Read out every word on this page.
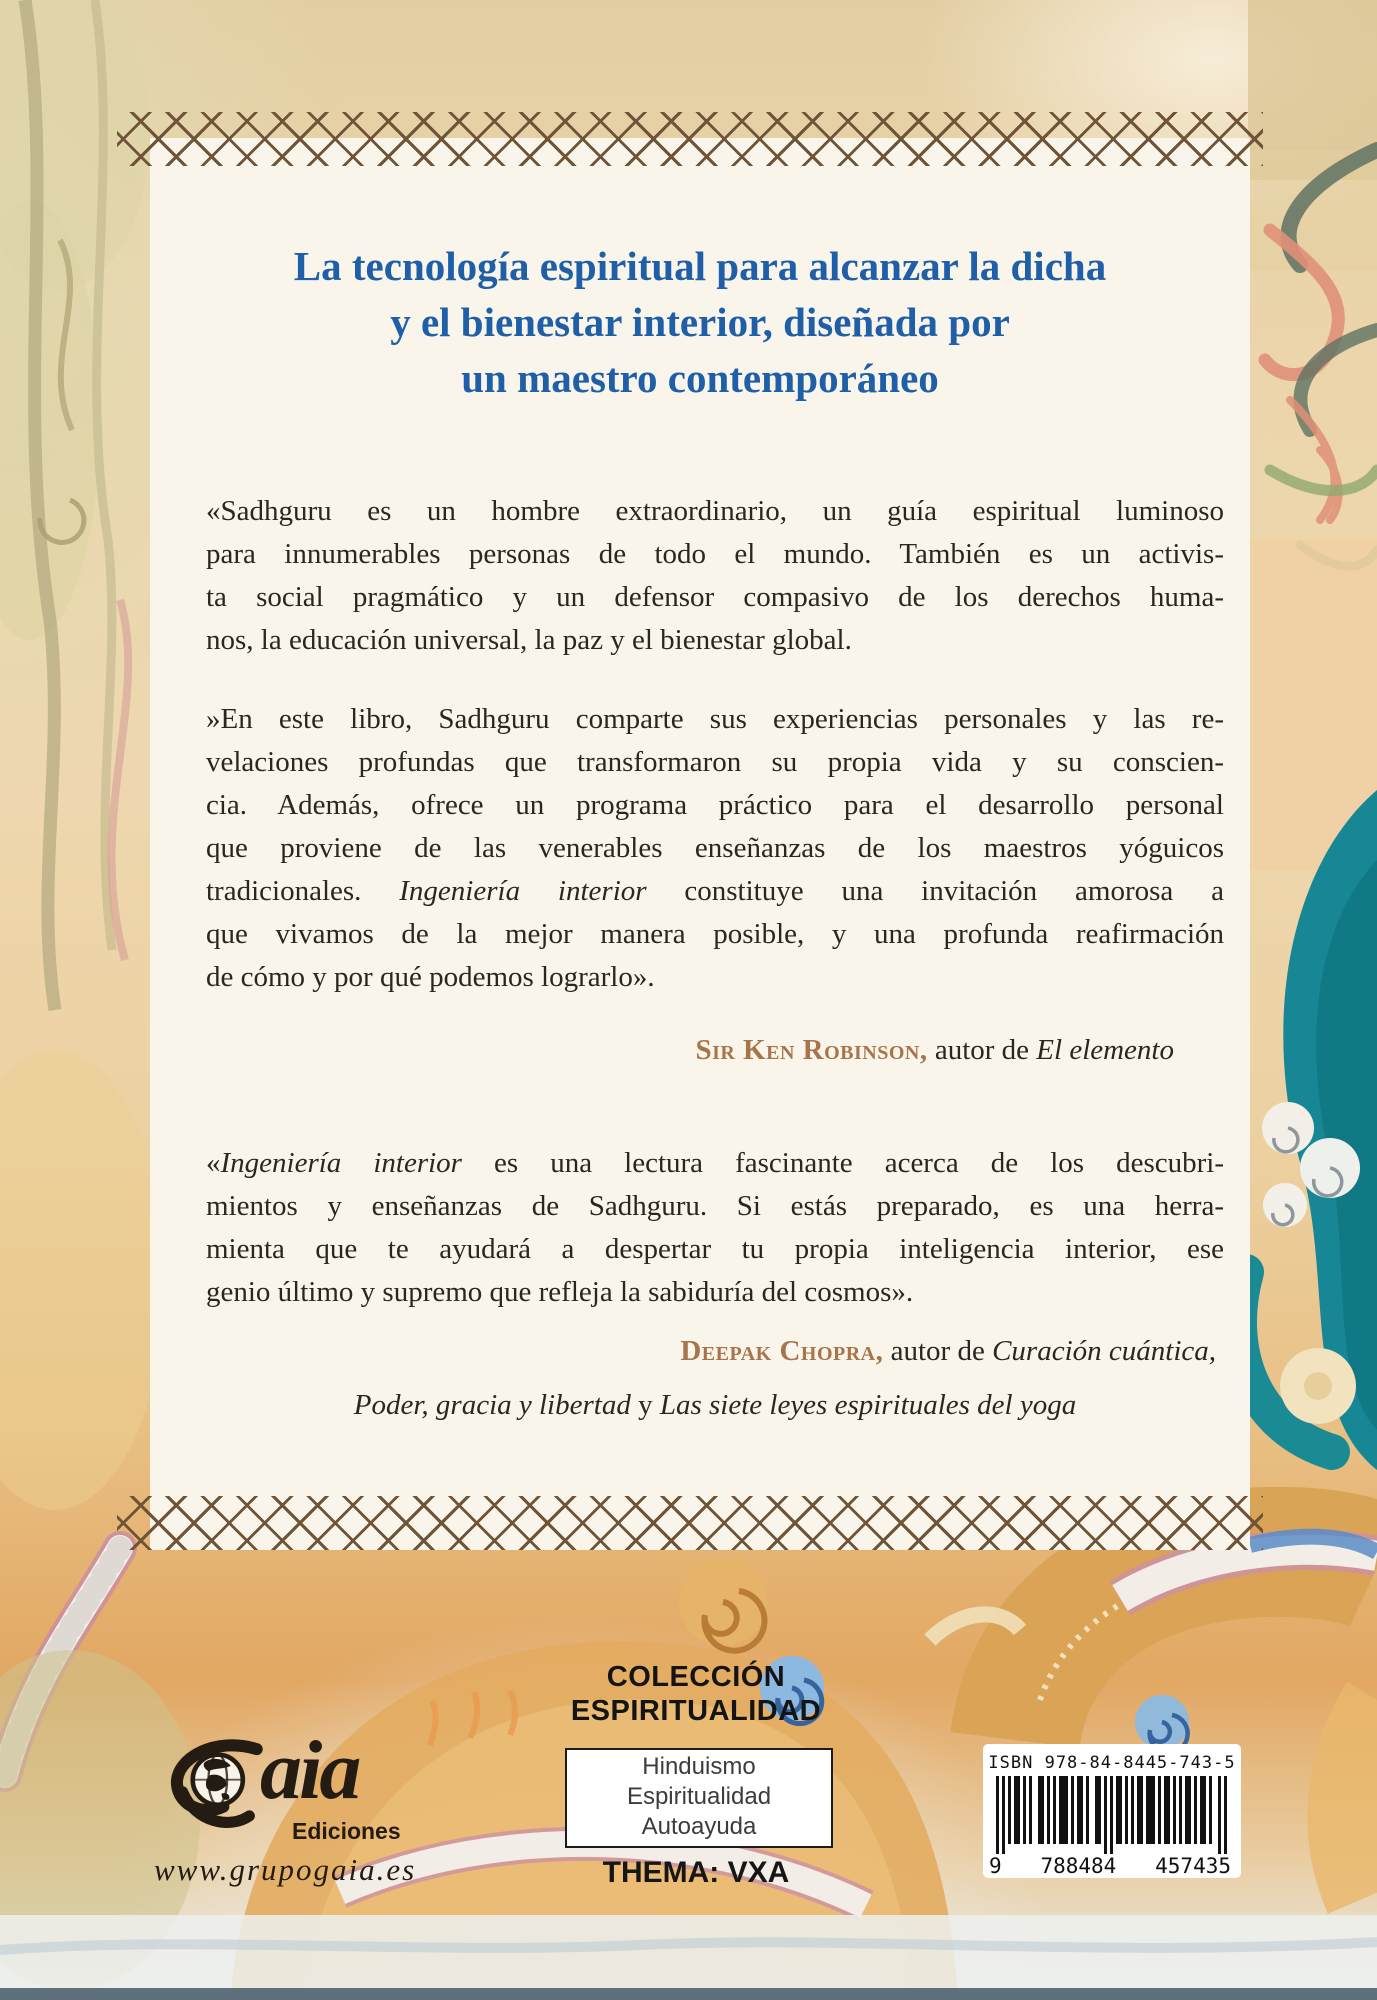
La tecnología espiritual para alcanzar la dicha
y el bienestar interior, diseñada por
un maestro contemporáneo
«Sadhguru es un hombre extraordinario, un guía espiritual luminoso
para innumerables personas de todo el mundo. También es un activis-
ta social pragmático y un defensor compasivo de los derechos huma-
nos, la educación universal, la paz y el bienestar global.
»En este libro, Sadhguru comparte sus experiencias personales y las re-
velaciones profundas que transformaron su propia vida y su conscien-
cia. Además, ofrece un programa práctico para el desarrollo personal
que proviene de las venerables enseñanzas de los maestros yóguicos
tradicionales. Ingeniería interior constituye una invitación amorosa a
que vivamos de la mejor manera posible, y una profunda reafirmación
de cómo y por qué podemos lograrlo».
Sir Ken Robinson, autor de El elemento
«Ingeniería interior es una lectura fascinante acerca de los descubri-
mientos y enseñanzas de Sadhguru. Si estás preparado, es una herra-
mienta que te ayudará a despertar tu propia inteligencia interior, ese
genio último y supremo que refleja la sabiduría del cosmos».
Deepak Chopra, autor de Curación cuántica,
Poder, gracia y libertad y Las siete leyes espirituales del yoga
COLECCIÓN
ESPIRITUALIDAD
Hinduismo
Espiritualidad
Autoayuda
THEMA: VXA
aia
Ediciones
www.grupogaia.es
ISBN 978-84-8445-743-5
9 788484 457435
